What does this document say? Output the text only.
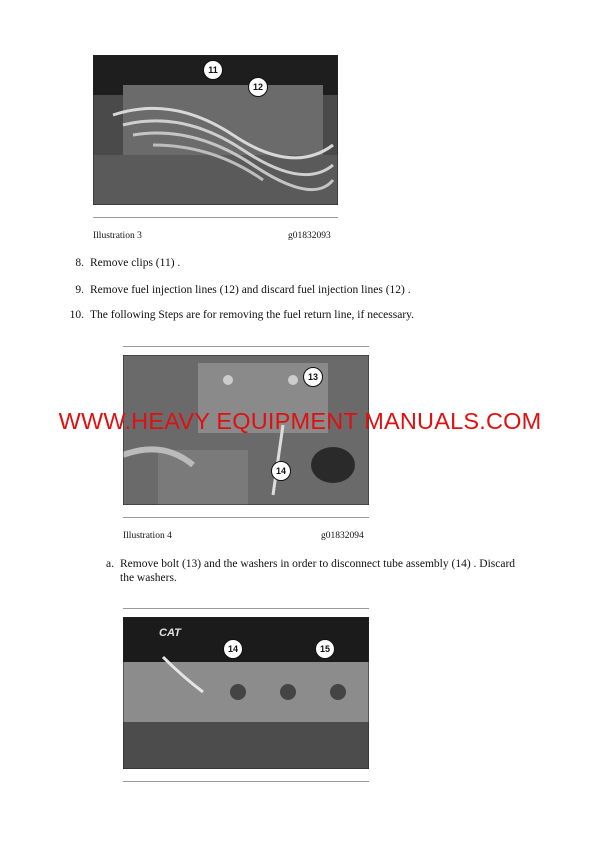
11
12
Illustration 3	g01832093
8. Remove clips (11) .
9. Remove fuel injection lines (12) and discard fuel injection lines (12) .
10. The following Steps are for removing the fuel return line, if necessary.
13
14
Illustration 4	g01832094
a. Remove bolt (13) and the washers in order to disconnect tube assembly (14) . Discard
the washers.
CAT
14	15
WWW.HEAVY EQUIPMENT MANUALS.COM
